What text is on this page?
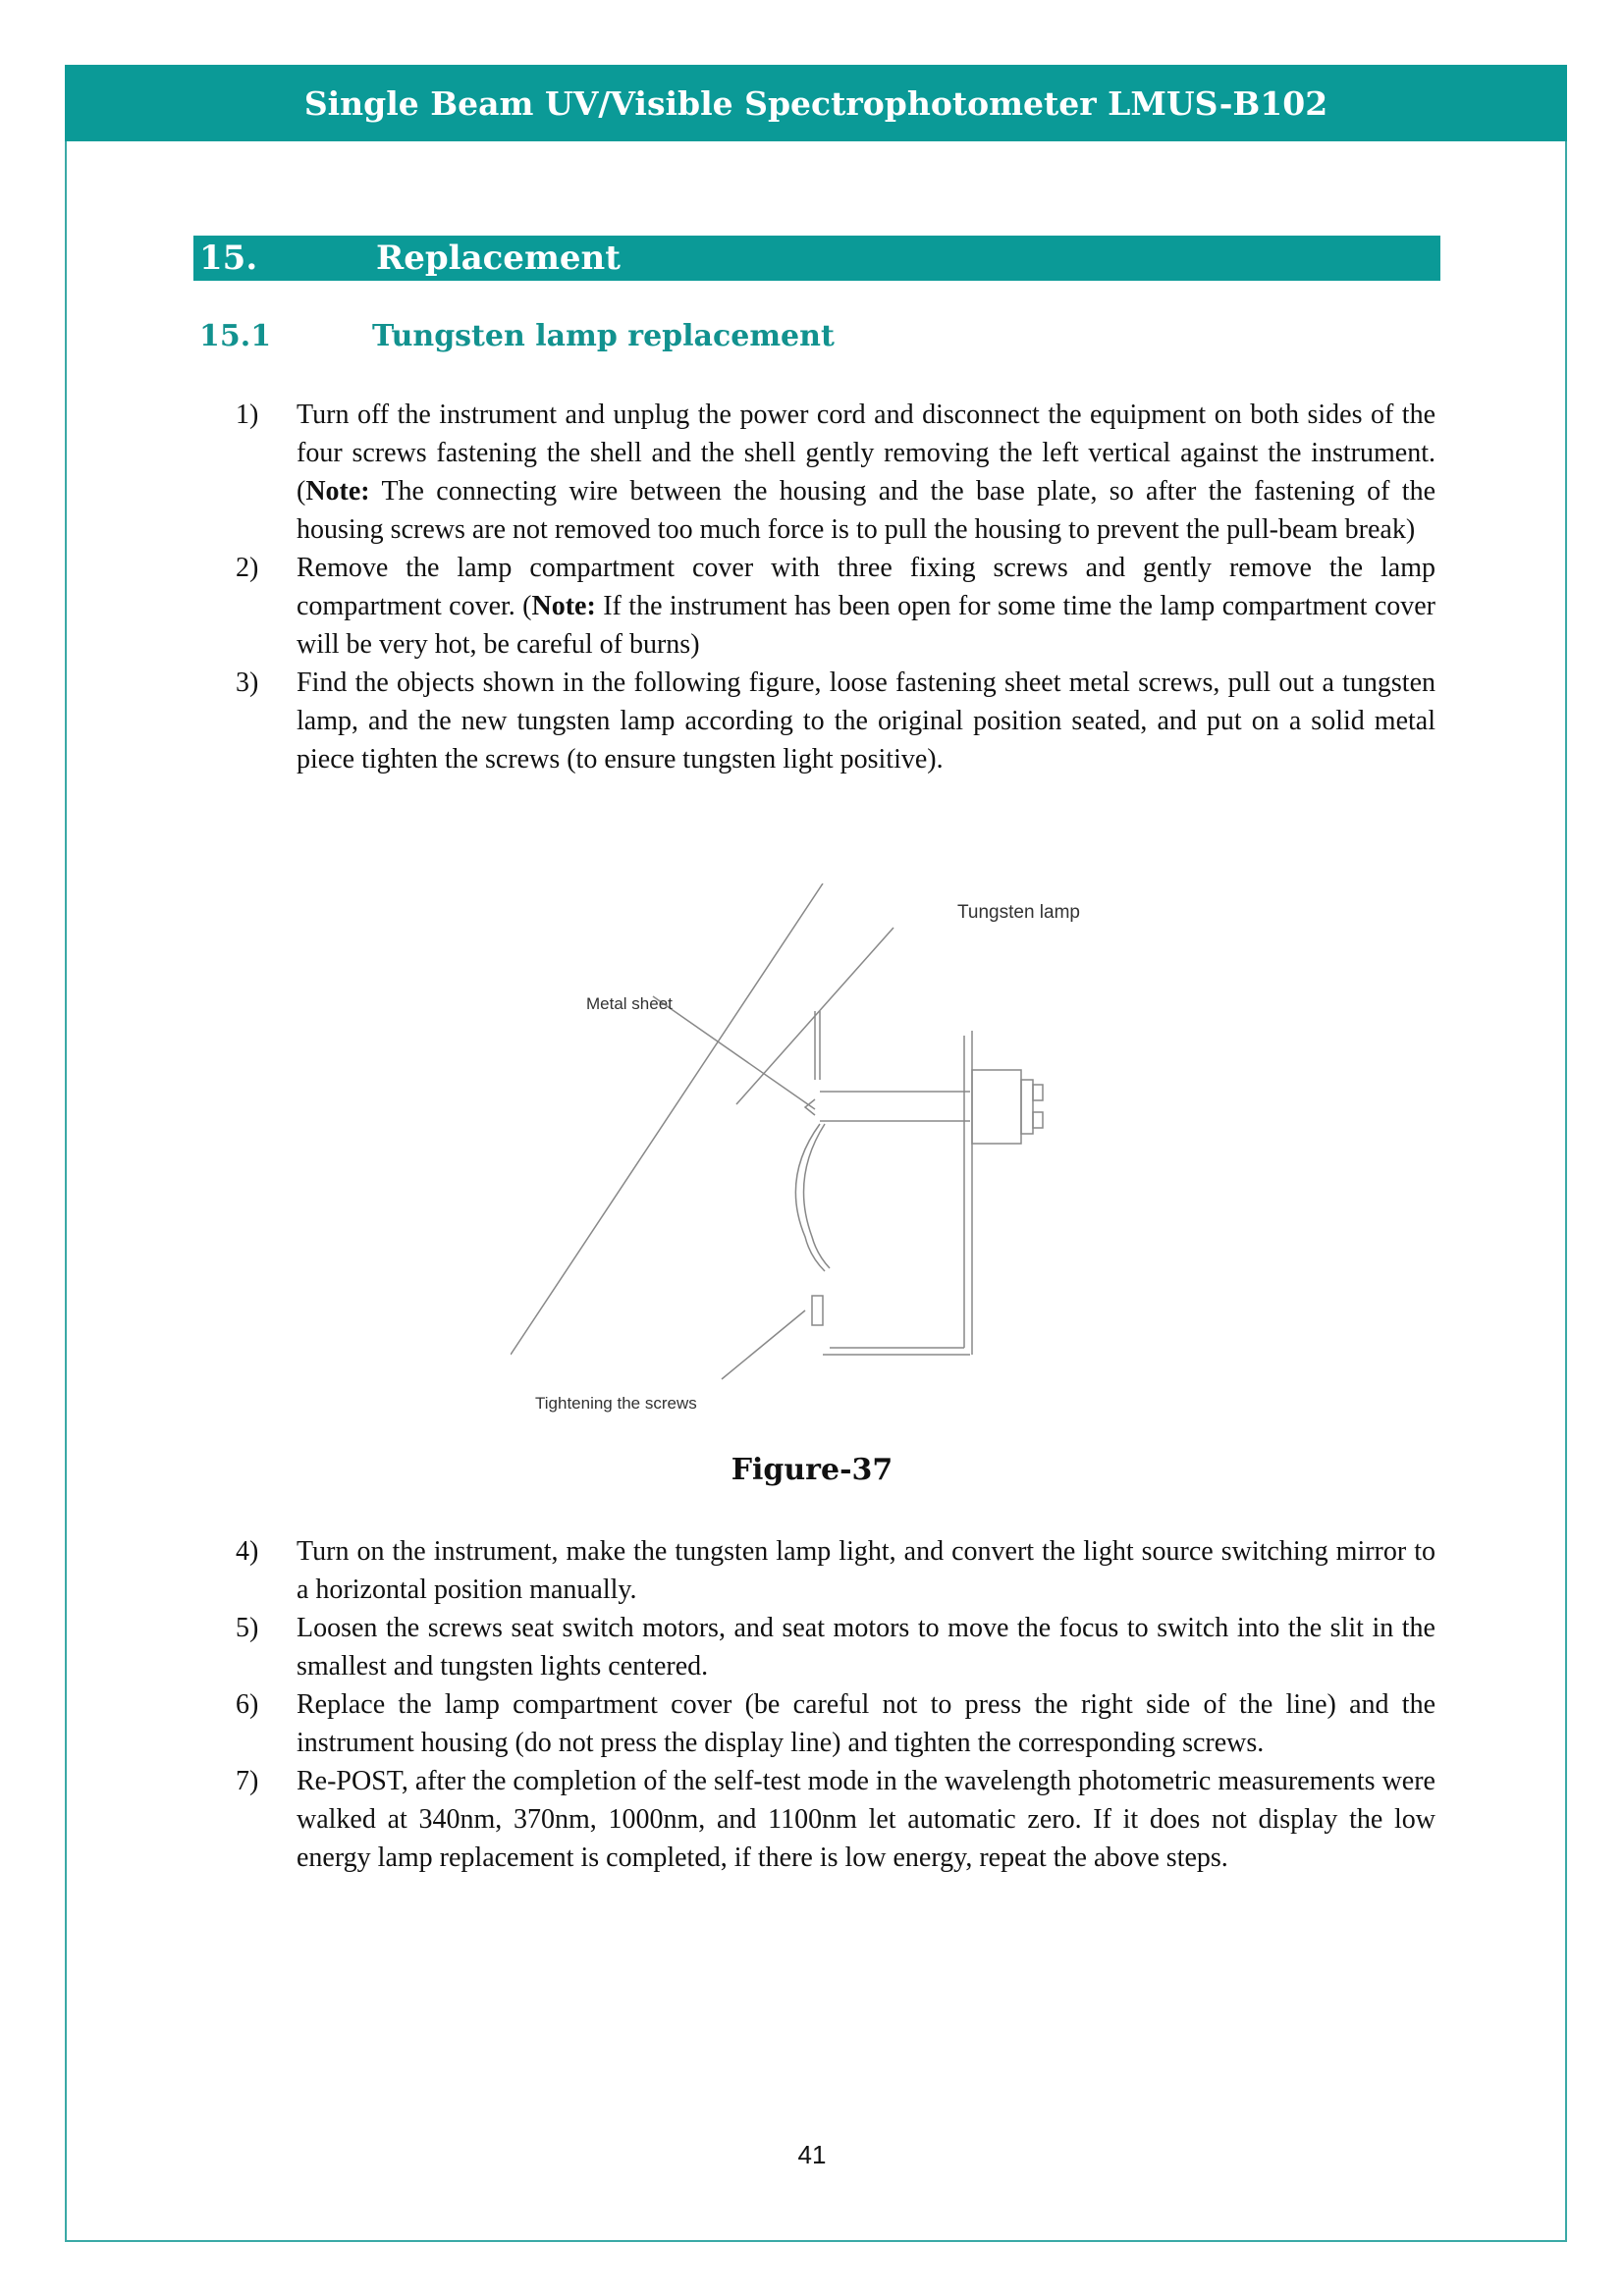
Single Beam UV/Visible Spectrophotometer LMUS-B102
15.	Replacement
15.1	Tungsten lamp replacement
1)	Turn off the instrument and unplug the power cord and disconnect the equipment on both sides of the four screws fastening the shell and the shell gently removing the left vertical against the instrument. (Note: The connecting wire between the housing and the base plate, so after the fastening of the housing screws are not removed too much force is to pull the housing to prevent the pull-beam break)
2)	Remove the lamp compartment cover with three fixing screws and gently remove the lamp compartment cover. (Note: If the instrument has been open for some time the lamp compartment cover will be very hot, be careful of burns)
3)	Find the objects shown in the following figure, loose fastening sheet metal screws, pull out a tungsten lamp, and the new tungsten lamp according to the original position seated, and put on a solid metal piece tighten the screws (to ensure tungsten light positive).
Tungsten lamp
Metal sheet
Tightening the screws
Figure-37
4)	Turn on the instrument, make the tungsten lamp light, and convert the light source switching mirror to a horizontal position manually.
5)	Loosen the screws seat switch motors, and seat motors to move the focus to switch into the slit in the smallest and tungsten lights centered.
6)	Replace the lamp compartment cover (be careful not to press the right side of the line) and the instrument housing (do not press the display line) and tighten the corresponding screws.
7)	Re-POST, after the completion of the self-test mode in the wavelength photometric measurements were walked at 340nm, 370nm, 1000nm, and 1100nm let automatic zero. If it does not display the low energy lamp replacement is completed, if there is low energy, repeat the above steps.
41
